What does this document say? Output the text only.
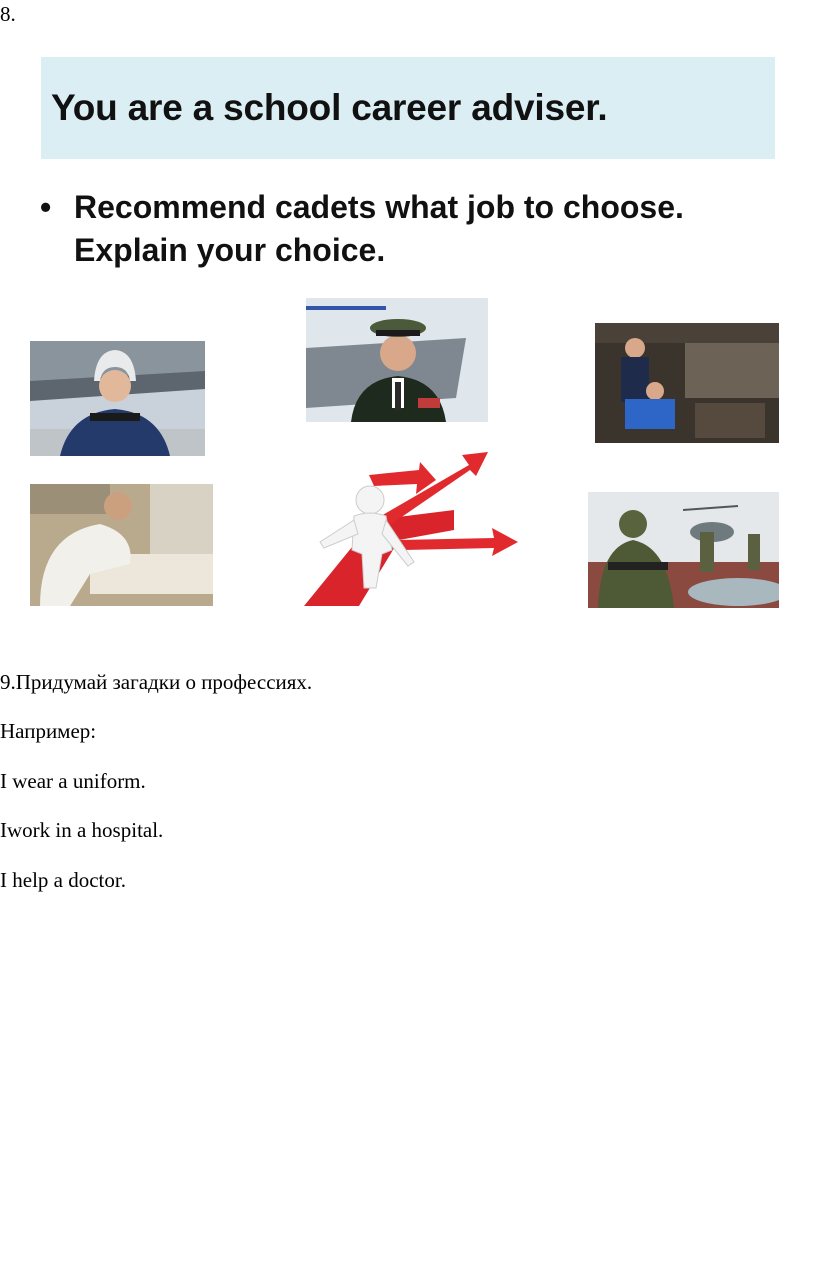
8.

You are a school career adviser.

• Recommend cadets what job to choose. Explain your choice.

9.Придумай загадки о профессиях.

Например:

I wear a uniform.

Iwork in a hospital.

I help a doctor.
